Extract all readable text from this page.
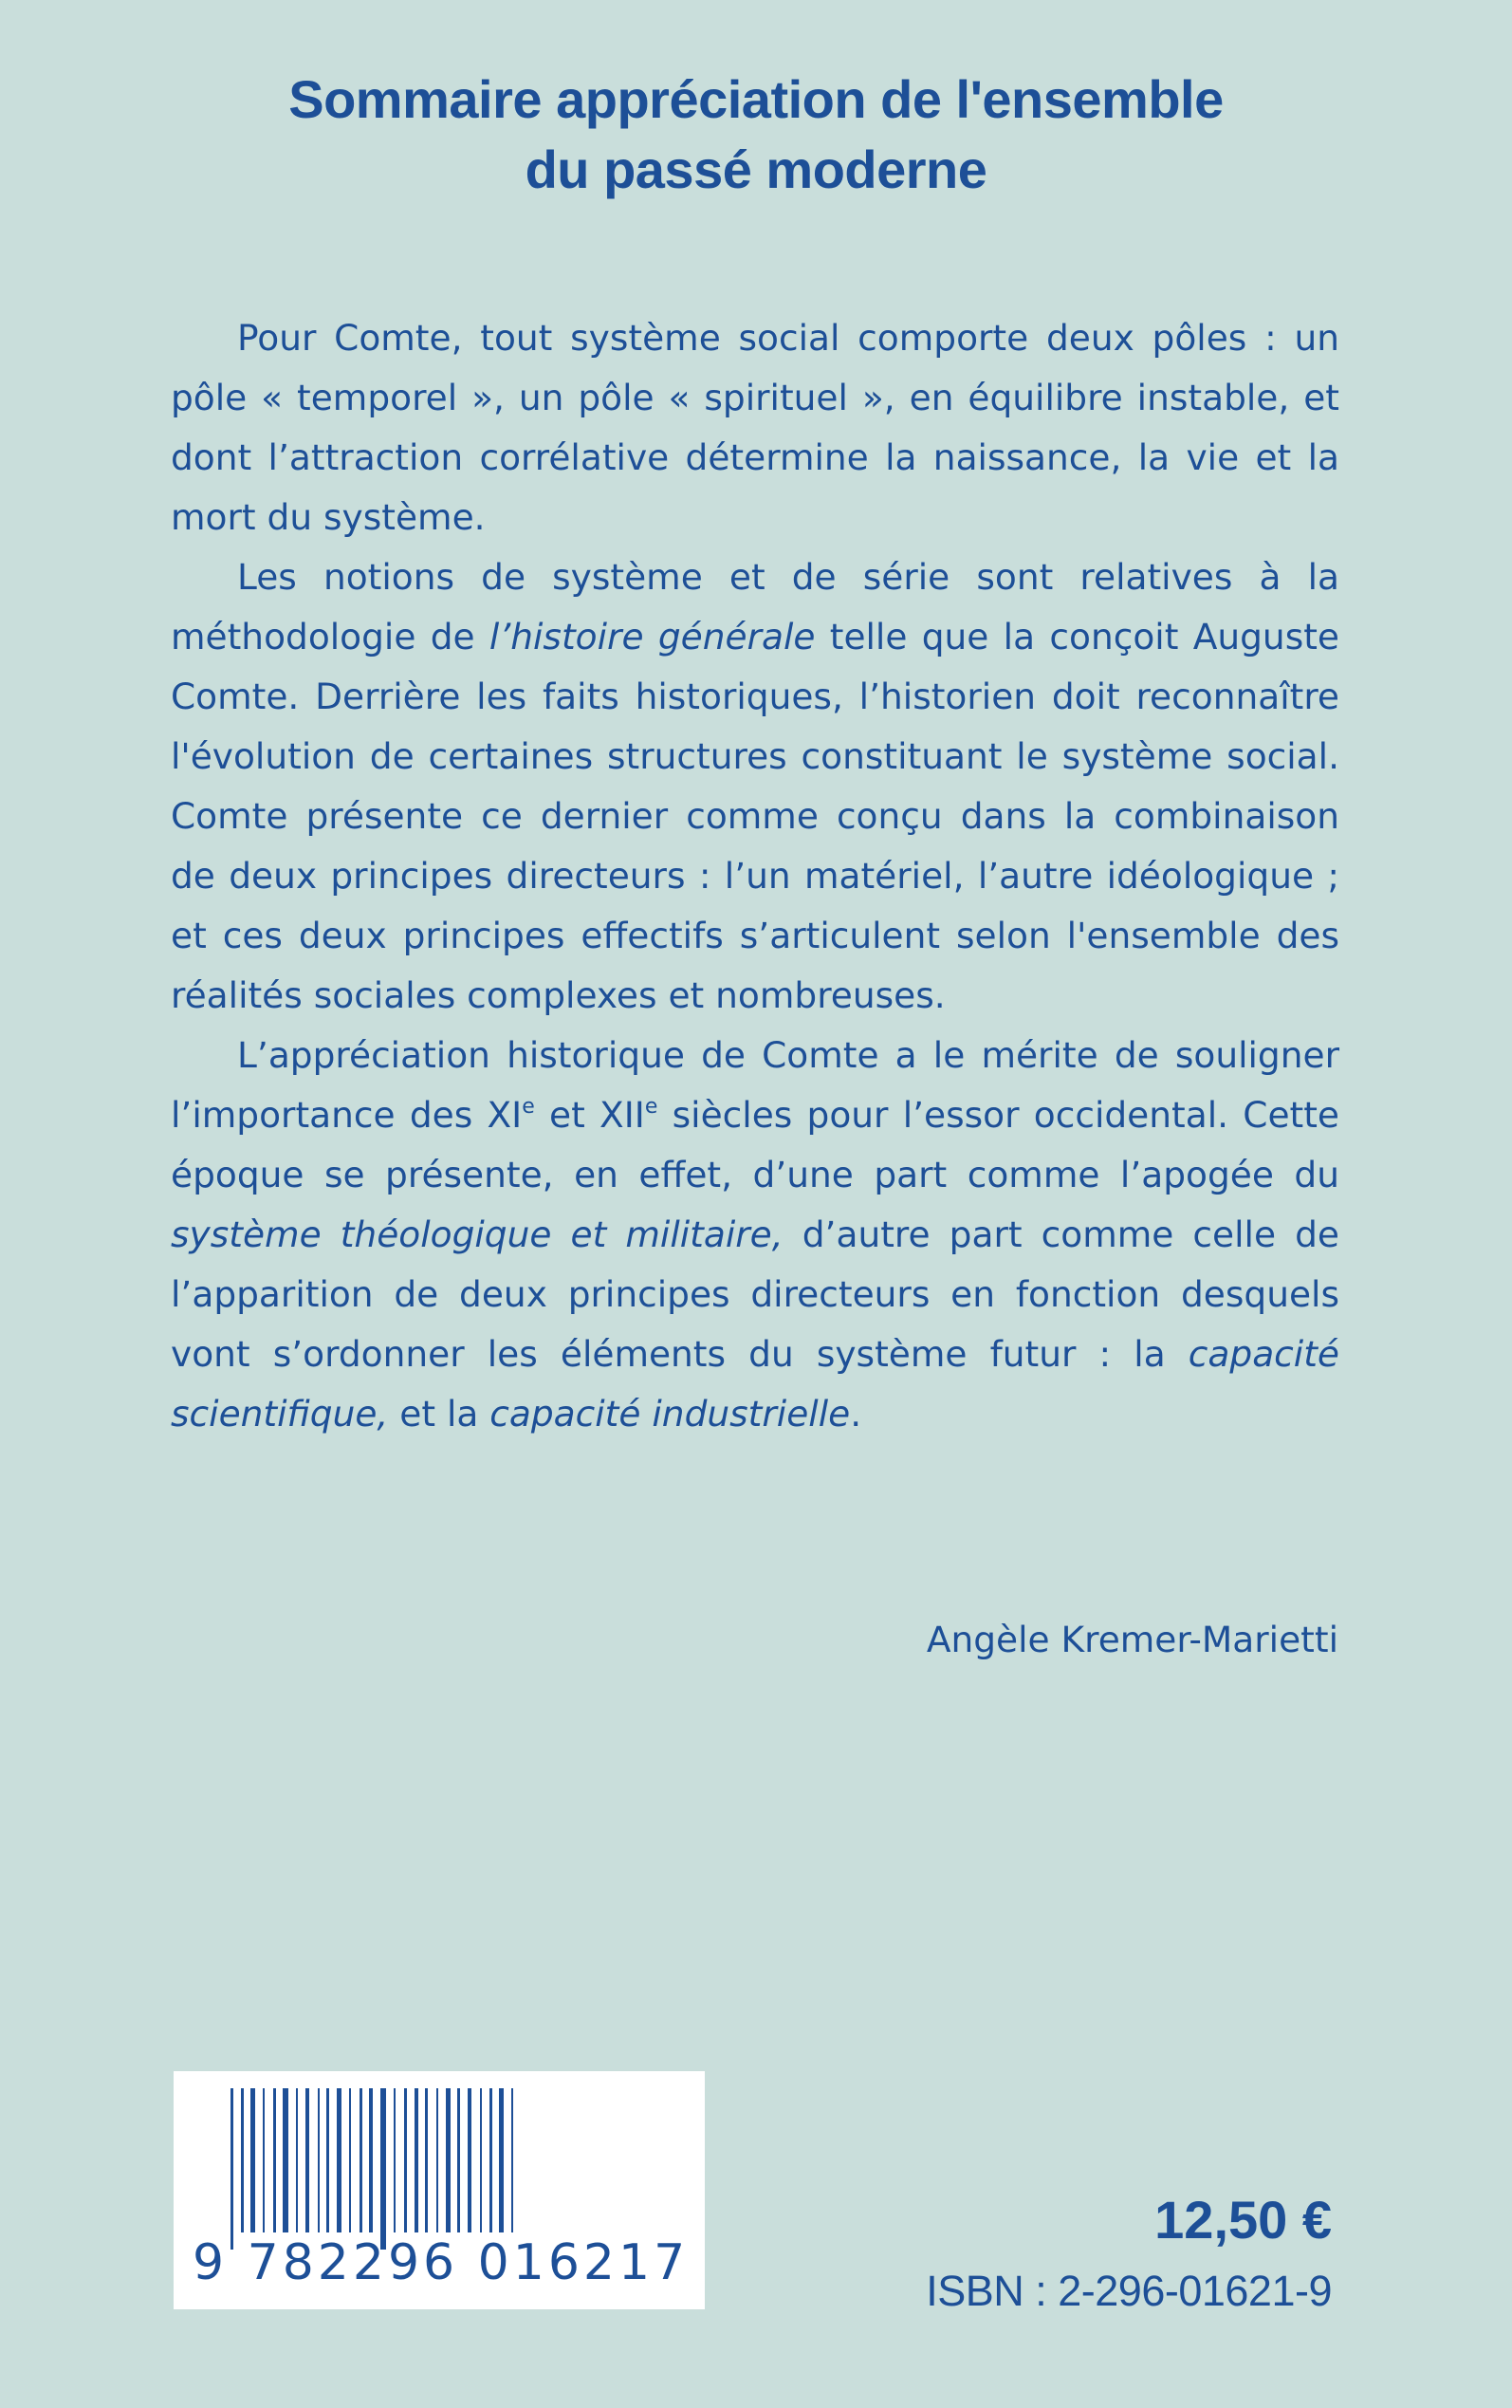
Sommaire appréciation de l'ensemble
du passé moderne

Pour Comte, tout système social comporte deux pôles : un pôle « temporel », un pôle « spirituel », en équilibre instable, et dont l’attraction corrélative détermine la naissance, la vie et la mort du système.

Les notions de système et de série sont relatives à la méthodologie de l’histoire générale telle que la conçoit Auguste Comte. Derrière les faits historiques, l’historien doit reconnaître l'évolution de certaines structures constituant le système social. Comte présente ce dernier comme conçu dans la combinaison de deux principes directeurs : l’un matériel, l’autre idéologique ; et ces deux principes effectifs s’articulent selon l'ensemble des réalités sociales complexes et nombreuses.

L’appréciation historique de Comte a le mérite de souligner l’importance des XIe et XIIe siècles pour l’essor occidental. Cette époque se présente, en effet, d’une part comme l’apogée du système théologique et militaire, d’autre part comme celle de l’apparition de deux principes directeurs en fonction desquels vont s’ordonner les éléments du système futur : la capacité scientifique, et la capacité industrielle.

Angèle Kremer-Marietti
9 782296 016217
12,50 €
ISBN : 2-296-01621-9
